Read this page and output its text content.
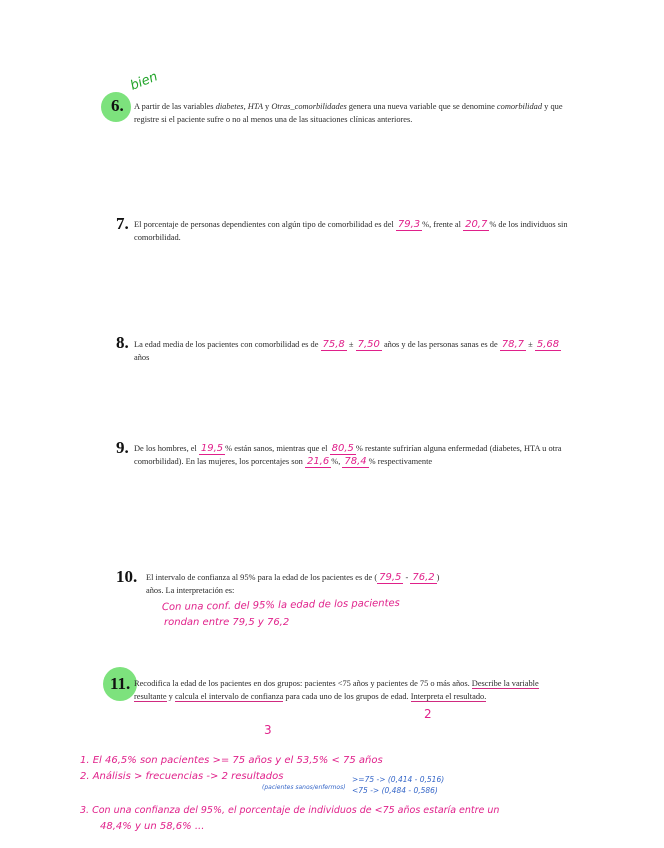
6.
bien
A partir de las variables diabetes, HTA y Otras_comorbilidades genera una nueva variable que se denomine comorbilidad y que registre si el paciente sufre o no al menos una de las situaciones clínicas anteriores.
7. El porcentaje de personas dependientes con algún tipo de comorbilidad es del 79,3 %, frente al 20,7 % de los individuos sin comorbilidad.
8. La edad media de los pacientes con comorbilidad es de 75,8 ± 7,50 años y de las personas sanas es de 78,7 ± 5,68 años
9. De los hombres, el 19,5 % están sanos, mientras que el 80,5 % restante sufrirían alguna enfermedad (diabetes, HTA u otra comorbilidad). En las mujeres, los porcentajes son 21,6 %, 78,4 % respectivamente
10. El intervalo de confianza al 95% para la edad de los pacientes es de ( 79,5 - 76,2 )
años. La interpretación es:
Con una conf. del 95% la edad de los pacientes
rondan entre 79,5 y 76,2
11. Recodifica la edad de los pacientes en dos grupos: pacientes <75 años y pacientes de 75 o más años. Describe la variable resultante y calcula el intervalo de confianza para cada uno de los grupos de edad. Interpreta el resultado.
2
3
1. El 46,5% son pacientes >= 75 años y el 53,5% < 75 años
2. Análisis > frecuencias -> 2 resultados
(pacientes sanos/enfermos)
>=75 -> (0,414 - 0,516)
<75 -> (0,484 - 0,586)
3. Con una confianza del 95%, el porcentaje de individuos de <75 años estaría entre un
48,4% y un 58,6% ...
